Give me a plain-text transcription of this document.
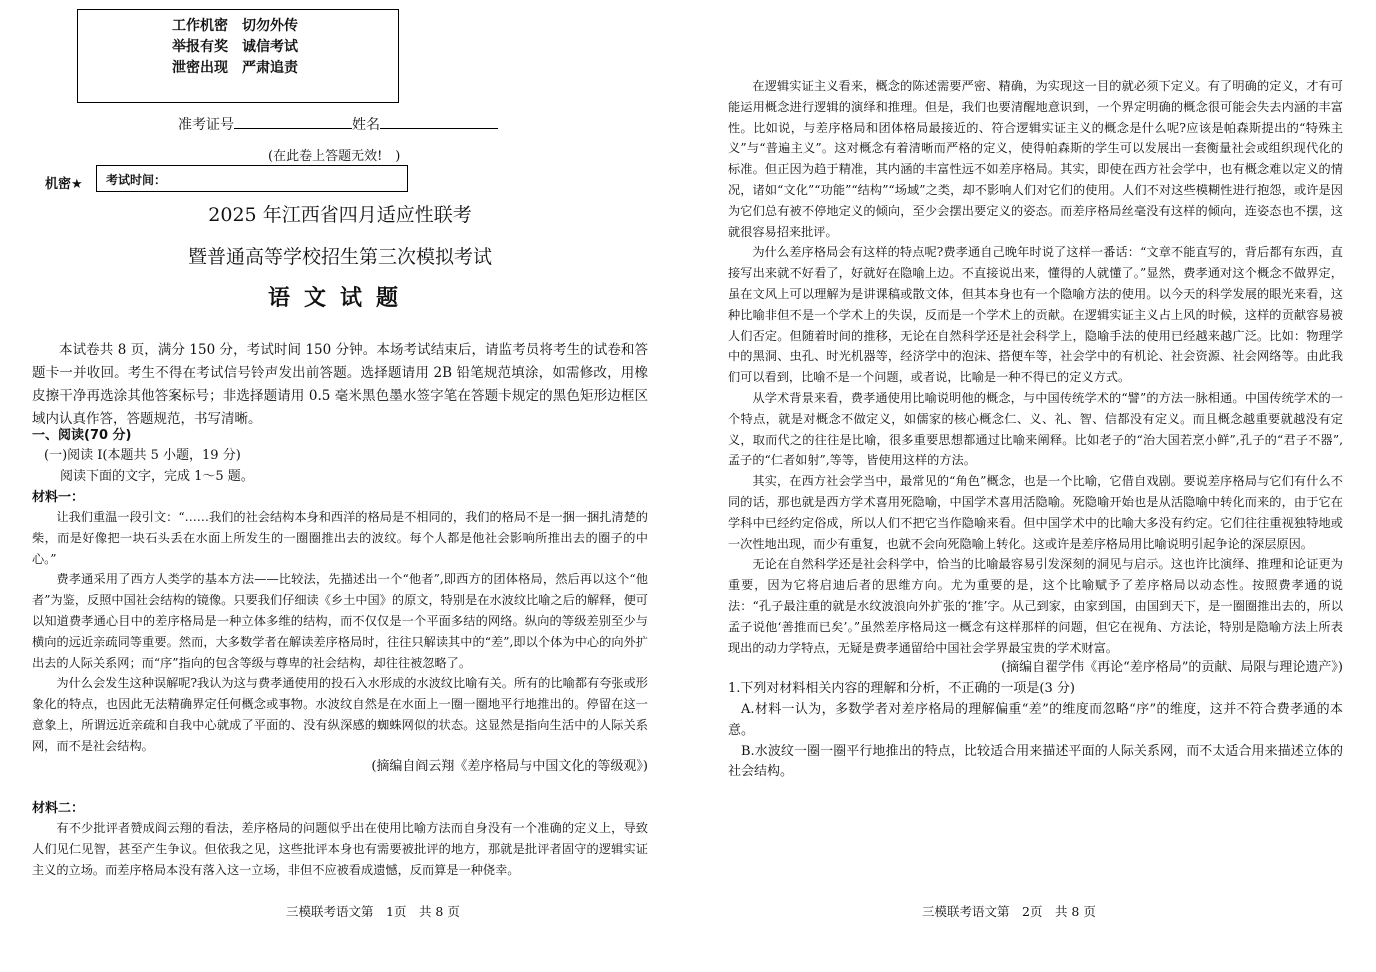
工作机密　切勿外传
举报有奖　诚信考试
泄密出现　严肃追责
准考证号	姓名
(在此卷上答题无效!　)
机密★	考试时间：
2025 年江西省四月适应性联考
暨普通高等学校招生第三次模拟考试
语文试题
本试卷共 8 页，满分 150 分，考试时间 150 分钟。本场考试结束后，请监考员将考生的试卷和答题卡一并收回。考生不得在考试信号铃声发出前答题。选择题请用 2B 铅笔规范填涂，如需修改，用橡皮擦干净再选涂其他答案标号；非选择题请用 0.5 毫米黑色墨水签字笔在答题卡规定的黑色矩形边框区域内认真作答，答题规范，书写清晰。
一、阅读(70 分)
(一)阅读 Ⅰ(本题共 5 小题，19 分)
阅读下面的文字，完成 1～5 题。
材料一：

让我们重温一段引文：“……我们的社会结构本身和西洋的格局是不相同的，我们的格局不是一捆一捆扎清楚的柴，而是好像把一块石头丢在水面上所发生的一圈圈推出去的波纹。每个人都是他社会影响所推出去的圈子的中心。”

费孝通采用了西方人类学的基本方法——比较法，先描述出一个“他者”,即西方的团体格局，然后再以这个“他者”为鉴，反照中国社会结构的镜像。只要我们仔细读《乡土中国》的原文，特别是在水波纹比喻之后的解释，便可以知道费孝通心目中的差序格局是一种立体多维的结构，而不仅仅是一个平面多结的网络。纵向的等级差别至少与横向的远近亲疏同等重要。然而，大多数学者在解读差序格局时，往往只解读其中的“差”,即以个体为中心的向外扩出去的人际关系网；而“序”指向的包含等级与尊卑的社会结构，却往往被忽略了。

为什么会发生这种误解呢?我认为这与费孝通使用的投石入水形成的水波纹比喻有关。所有的比喻都有夸张或形象化的特点，也因此无法精确界定任何概念或事物。水波纹自然是在水面上一圈一圈地平行地推出的。停留在这一意象上，所谓远近亲疏和自我中心就成了平面的、没有纵深感的蜘蛛网似的状态。这显然是指向生活中的人际关系网，而不是社会结构。

(摘编自阎云翔《差序格局与中国文化的等级观》)

材料二：

有不少批评者赞成阎云翔的看法，差序格局的问题似乎出在使用比喻方法而自身没有一个准确的定义上，导致人们见仁见智，甚至产生争议。但依我之见，这些批评本身也有需要被批评的地方，那就是批评者固守的逻辑实证主义的立场。而差序格局本没有落入这一立场，非但不应被看成遗憾，反而算是一种侥幸。

三模联考语文第　1页　共 8 页

在逻辑实证主义看来，概念的陈述需要严密、精确，为实现这一目的就必须下定义。有了明确的定义，才有可能运用概念进行逻辑的演绎和推理。但是，我们也要清醒地意识到，一个界定明确的概念很可能会失去内涵的丰富性。比如说，与差序格局和团体格局最接近的、符合逻辑实证主义的概念是什么呢?应该是帕森斯提出的“特殊主义”与“普遍主义”。这对概念有着清晰而严格的定义，使得帕森斯的学生可以发展出一套衡量社会或组织现代化的标准。但正因为趋于精准，其内涵的丰富性远不如差序格局。其实，即使在西方社会学中，也有概念难以定义的情况，诸如“文化”“功能”“结构”“场域”之类，却不影响人们对它们的使用。人们不对这些模糊性进行抱怨，或许是因为它们总有被不停地定义的倾向，至少会摆出要定义的姿态。而差序格局丝毫没有这样的倾向，连姿态也不摆，这就很容易招来批评。

为什么差序格局会有这样的特点呢?费孝通自己晚年时说了这样一番话：“文章不能直写的，背后都有东西，直接写出来就不好看了，好就好在隐喻上边。不直接说出来，懂得的人就懂了。”显然，费孝通对这个概念不做界定，虽在文风上可以理解为是讲课稿或散文体，但其本身也有一个隐喻方法的使用。以今天的科学发展的眼光来看，这种比喻非但不是一个学术上的失误，反而是一个学术上的贡献。在逻辑实证主义占上风的时候，这样的贡献容易被人们否定。但随着时间的推移，无论在自然科学还是社会科学上，隐喻手法的使用已经越来越广泛。比如：物理学中的黑洞、虫孔、时光机器等，经济学中的泡沫、搭便车等，社会学中的有机论、社会资源、社会网络等。由此我们可以看到，比喻不是一个问题，或者说，比喻是一种不得已的定义方式。

从学术背景来看，费孝通使用比喻说明他的概念，与中国传统学术的“譬”的方法一脉相通。中国传统学术的一个特点，就是对概念不做定义，如儒家的核心概念仁、义、礼、智、信都没有定义。而且概念越重要就越没有定义，取而代之的往往是比喻，很多重要思想都通过比喻来阐释。比如老子的“治大国若烹小鲜”,孔子的“君子不器”,孟子的“仁者如射”,等等，皆使用这样的方法。

其实，在西方社会学当中，最常见的“角色”概念，也是一个比喻，它借自戏剧。要说差序格局与它们有什么不同的话，那也就是西方学术喜用死隐喻，中国学术喜用活隐喻。死隐喻开始也是从活隐喻中转化而来的，由于它在学科中已经约定俗成，所以人们不把它当作隐喻来看。但中国学术中的比喻大多没有约定。它们往往重视独特地或一次性地出现，而少有重复，也就不会向死隐喻上转化。这或许是差序格局用比喻说明引起争论的深层原因。

无论在自然科学还是社会科学中，恰当的比喻最容易引发深刻的洞见与启示。这也许比演绎、推理和论证更为重要，因为它将启迪后者的思维方向。尤为重要的是，这个比喻赋予了差序格局以动态性。按照费孝通的说法：“孔子最注重的就是水纹波浪向外扩张的‘推’字。从己到家，由家到国，由国到天下，是一圈圈推出去的，所以孟子说他‘善推而已矣’。”虽然差序格局这一概念有这样那样的问题，但它在视角、方法论，特别是隐喻方法上所表现出的动力学特点，无疑是费孝通留给中国社会学界最宝贵的学术财富。

(摘编自翟学伟《再论“差序格局”的贡献、局限与理论遗产》)

1.下列对材料相关内容的理解和分析，不正确的一项是(3 分)

A.材料一认为，多数学者对差序格局的理解偏重“差”的维度而忽略“序”的维度，这并不符合费孝通的本意。

B.水波纹一圈一圈平行地推出的特点，比较适合用来描述平面的人际关系网，而不太适合用来描述立体的社会结构。

三模联考语文第　2页　共 8 页
